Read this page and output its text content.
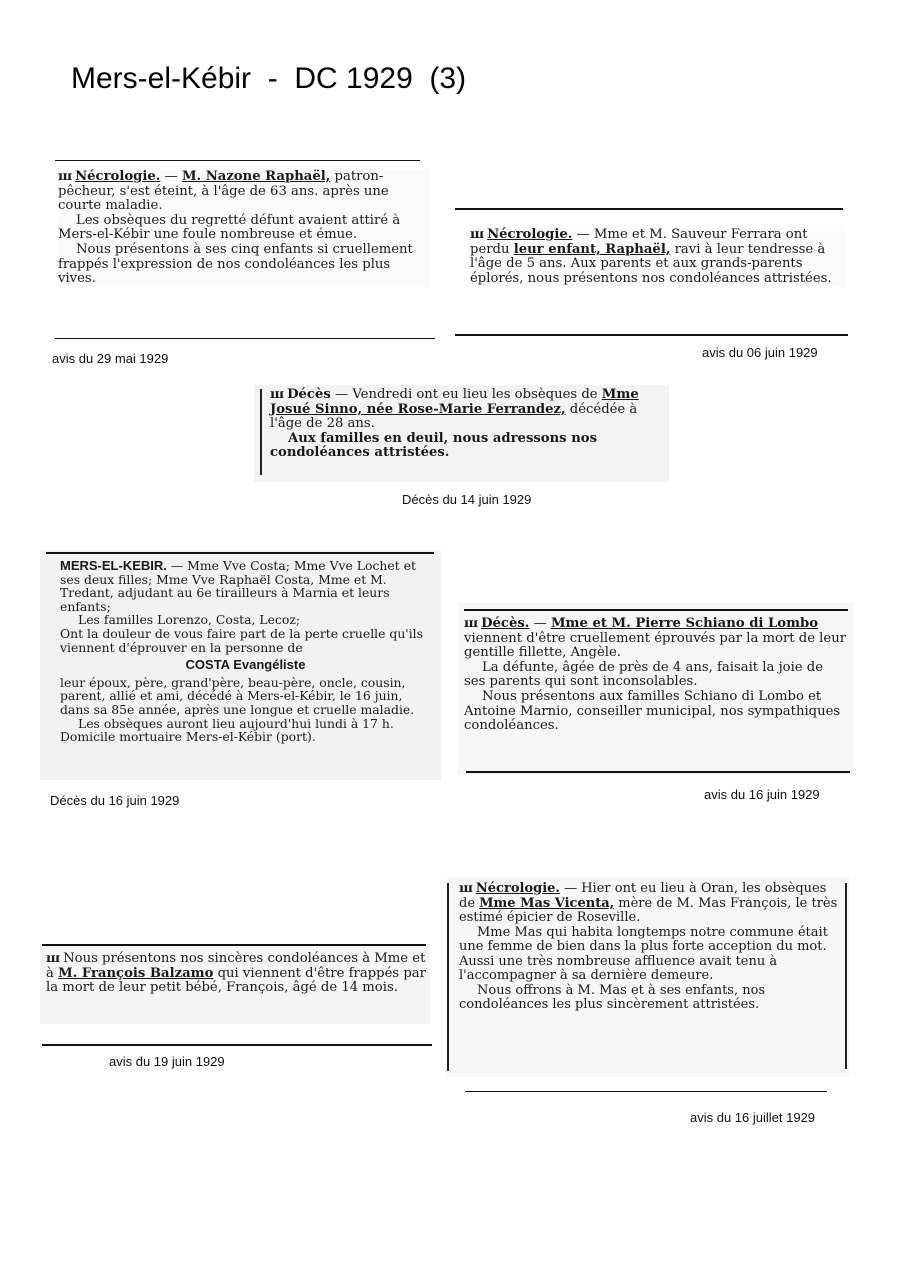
Mers-el-Kébir  -  DC 1929  (3)

ꟺ Nécrologie. — M. Nazone Raphaël, patron-pêcheur, s'est éteint, à l'âge de 63 ans. après une courte maladie.

Les obsèques du regretté défunt avaient attiré à Mers-el-Kébir une foule nombreuse et émue.

Nous présentons à ses cinq enfants si cruellement frappés l'expression de nos condoléances les plus vives.

avis du 29 mai 1929

ꟺ Nécrologie. — Mme et M. Sauveur Ferrara ont perdu leur enfant, Raphaël, ravi à leur tendresse à l'âge de 5 ans. Aux parents et aux grands-parents éplorés, nous présentons nos condoléances attristées.

avis du 06 juin 1929

ꟺ Décès — Vendredi ont eu lieu les obsèques de Mme Josué Sinno, née Rose-Marie Ferrandez, décédée à l'âge de 28 ans.

Aux familles en deuil, nous adressons nos condoléances attristées.

Décès du 14 juin 1929

MERS-EL-KEBIR. — Mme Vve Costa; Mme Vve Lochet et ses deux filles; Mme Vve Raphaël Costa, Mme et M. Tredant, adjudant au 6e tirailleurs à Marnia et leurs enfants;

Les familles Lorenzo, Costa, Lecoz;

Ont la douleur de vous faire part de la perte cruelle qu'ils viennent d'éprouver en la personne de

COSTA Evangéliste

leur époux, père, grand'père, beau-père, oncle, cousin, parent, allié et ami, décédé à Mers-el-Kébir, le 16 juin, dans sa 85e année, après une longue et cruelle maladie.

Les obsèques auront lieu aujourd'hui lundi à 17 h.

Domicile mortuaire Mers-el-Kébir (port).

Décès du 16 juin 1929

ꟺ Décès. — Mme et M. Pierre Schiano di Lombo viennent d'être cruellement éprouvés par la mort de leur gentille fillette, Angèle.

La défunte, âgée de près de 4 ans, faisait la joie de ses parents qui sont inconsolables.

Nous présentons aux familles Schiano di Lombo et Antoine Marnio, conseiller municipal, nos sympathiques condoléances.

avis du 16 juin 1929

ꟺ Nous présentons nos sincères condoléances à Mme et à M. François Balzamo qui viennent d'être frappés par la mort de leur petit bébé, François, âgé de 14 mois.

avis du 19 juin 1929

ꟺ Nécrologie. — Hier ont eu lieu à Oran, les obsèques de Mme Mas Vicenta, mère de M. Mas François, le très estimé épicier de Roseville.

Mme Mas qui habita longtemps notre commune était une femme de bien dans la plus forte acception du mot. Aussi une très nombreuse affluence avait tenu à l'accompagner à sa dernière demeure.

Nous offrons à M. Mas et à ses enfants, nos condoléances les plus sincèrement attristées.

avis du 16 juillet 1929
